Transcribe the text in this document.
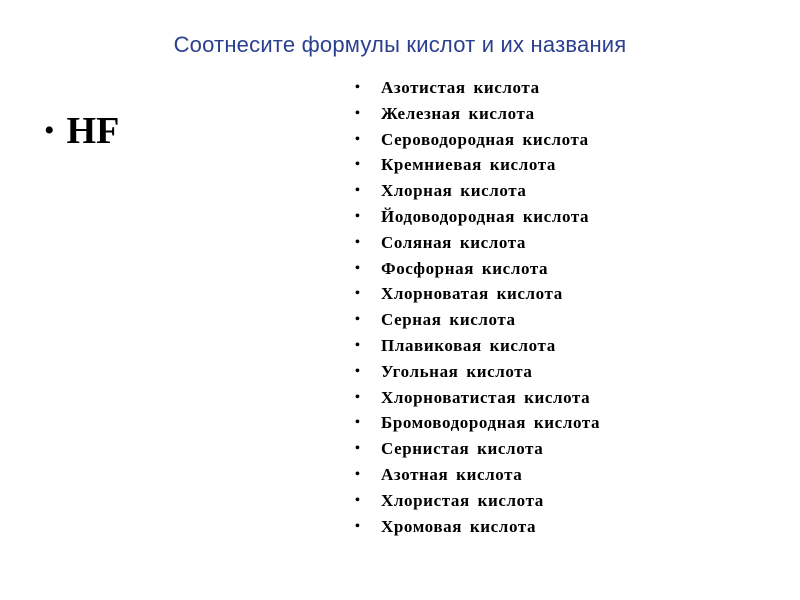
Соотнесите формулы кислот и их названия
• HF
•	Азотистая кислота
•	Железная кислота
•	Сероводородная кислота
•	Кремниевая кислота
•	Хлорная кислота
•	Йодоводородная кислота
•	Соляная кислота
•	Фосфорная кислота
•	Хлорноватая кислота
•	Серная кислота
•	Плавиковая кислота
•	Угольная кислота
•	Хлорноватистая кислота
•	Бромоводородная кислота
•	Сернистая кислота
•	Азотная кислота
•	Хлористая кислота
•	Хромовая кислота
